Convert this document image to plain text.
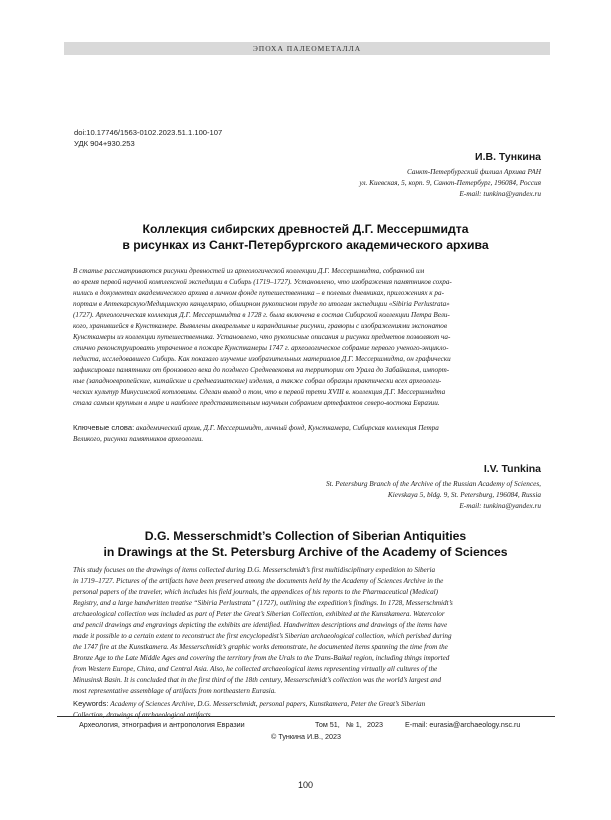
ЭПОХА ПАЛЕОМЕТАЛЛА
doi:10.17746/1563-0102.2023.51.1.100-107
УДК 904+930.253
И.В. Тункина
Санкт-Петербургский филиал Архива РАН
ул. Киевская, 5, корп. 9, Санкт-Петербург, 196084, Россия
E-mail: tunkina@yandex.ru
Коллекция сибирских древностей Д.Г. Мессершмидта
в рисунках из Санкт-Петербургского академического архива
В статье рассматриваются рисунки древностей из археологической коллекции Д.Г. Мессершмидта, собранной им
во время первой научной комплексной экспедиции в Сибирь (1719–1727). Установлено, что изображения памятников сохра-
нились в документах академического архива в личном фонде путешественника – в полевых дневниках, приложениях к ра-
портам в Аптекарскую/Медицинскую канцелярию, обширном рукописном труде по итогам экспедиции «Sibiria Perlustrata»
(1727). Археологическая коллекция Д.Г. Мессершмидта в 1728 г. была включена в состав Сибирской коллекции Петра Вели-
кого, хранившейся в Кунсткамере. Выявлены акварельные и карандашные рисунки, гравюры с изображениями экспонатов
Кунсткамеры из коллекции путешественника. Установлено, что рукописные описания и рисунки предметов позволяют ча-
стично реконструировать утраченное в пожаре Кунсткамеры 1747 г. археологическое собрание первого ученого-энцикло-
педиста, исследовавшего Сибирь. Как показало изучение изобразительных материалов Д.Г. Мессершмидта, он графически
зафиксировал памятники от бронзового века до позднего Средневековья на территории от Урала до Забайкалья, импорт-
ные (западноевропейские, китайские и среднеазиатские) изделия, а также собрал образцы практически всех археологи-
ческих культур Минусинской котловины. Сделан вывод о том, что в первой трети XVIII в. коллекция Д.Г. Мессершмидта
стала самым крупным в мире и наиболее представительным научным собранием артефактов северо-востока Евразии.
Ключевые слова: академический архив, Д.Г. Мессершмидт, личный фонд, Кунсткамера, Сибирская коллекция Петра
Великого, рисунки памятников археологии.
I.V. Tunkina
St. Petersburg Branch of the Archive of the Russian Academy of Sciences,
Kievskaya 5, bldg. 9, St. Petersburg, 196084, Russia
E-mail: tunkina@yandex.ru
D.G. Messerschmidt’s Collection of Siberian Antiquities
in Drawings at the St. Petersburg Archive of the Academy of Sciences
This study focuses on the drawings of items collected during D.G. Messerschmidt’s first multidisciplinary expedition to Siberia
in 1719–1727. Pictures of the artifacts have been preserved among the documents held by the Academy of Sciences Archive in the
personal papers of the traveler, which includes his field journals, the appendices of his reports to the Pharmaceutical (Medical)
Registry, and a large handwritten treatise “Sibiria Perlustrata” (1727), outlining the expedition’s findings. In 1728, Messerschmidt’s
archaeological collection was included as part of Peter the Great’s Siberian Collection, exhibited at the Kunstkamera. Watercolor
and pencil drawings and engravings depicting the exhibits are identified. Handwritten descriptions and drawings of the items have
made it possible to a certain extent to reconstruct the first encyclopedist’s Siberian archaeological collection, which perished during
the 1747 fire at the Kunstkamera. As Messerschmidt’s graphic works demonstrate, he documented items spanning the time from the
Bronze Age to the Late Middle Ages and covering the territory from the Urals to the Trans-Baikal region, including things imported
from Western Europe, China, and Central Asia. Also, he collected archaeological items representing virtually all cultures of the
Minusinsk Basin. It is concluded that in the first third of the 18th century, Messerschmidt’s collection was the world’s largest and
most representative assemblage of artifacts from northeastern Eurasia.
Keywords: Academy of Sciences Archive, D.G. Messerschmidt, personal papers, Kunstkamera, Peter the Great’s Siberian
Collection, drawings of archaeological artifacts.
Археология, этнография и антропология Евразии	Том 51, № 1, 2023	E-mail: eurasia@archaeology.nsc.ru
© Тункина И.В., 2023
100
